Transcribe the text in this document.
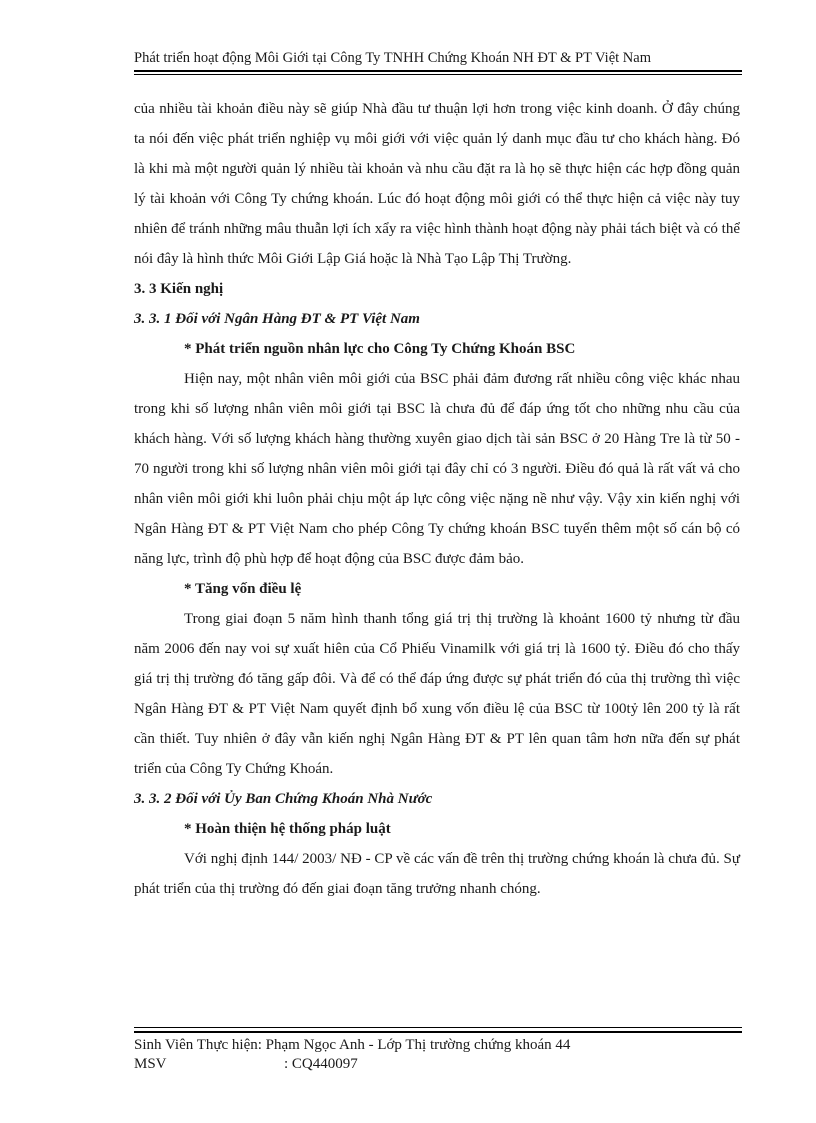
Phát triển hoạt động Môi Giới tại Công Ty TNHH Chứng Khoán NH ĐT & PT Việt Nam

của nhiều tài khoản điều này sẽ giúp Nhà đầu tư thuận lợi hơn trong việc kinh doanh. Ở đây chúng ta nói đến việc phát triển nghiệp vụ môi giới với việc quản lý danh mục đầu tư cho khách hàng. Đó là khi mà một người quản lý nhiều tài khoản và nhu cầu đặt ra là họ sẽ thực hiện các hợp đồng quản lý tài khoản với Công Ty chứng khoán. Lúc đó hoạt động môi giới có thể thực hiện cả việc này tuy nhiên để tránh những mâu thuẫn lợi ích xẩy ra việc hình thành hoạt động này phải tách biệt và có thể nói đây là hình thức Môi Giới Lập Giá hoặc là Nhà Tạo Lập Thị Trường.

3. 3 Kiến nghị

3. 3. 1 Đối với Ngân Hàng ĐT & PT Việt Nam

* Phát triển nguồn nhân lực cho Công Ty Chứng Khoán BSC

Hiện nay, một nhân viên môi giới của BSC phải đảm đương rất nhiều công việc khác nhau trong khi số lượng nhân viên môi giới tại BSC là chưa đủ để đáp ứng tốt cho những nhu cầu của khách hàng. Với số lượng khách hàng thường xuyên giao dịch tài sản BSC ở 20 Hàng Tre là từ 50 - 70 người trong khi số lượng nhân viên môi giới tại đây chỉ có 3 người. Điều đó quả là rất vất vả cho nhân viên môi giới khi luôn phải chịu một áp lực công việc nặng nề như vậy. Vậy xin kiến nghị với Ngân Hàng ĐT & PT Việt Nam cho phép Công Ty chứng khoán BSC tuyển thêm một số cán bộ có năng lực, trình độ phù hợp để hoạt động của BSC được đảm bảo.

* Tăng vốn điều lệ

Trong giai đoạn 5 năm hình thanh tổng giá trị thị trường là khoảnt 1600 tỷ nhưng từ đầu năm 2006 đến nay voi sự xuất hiên của Cổ Phiếu Vinamilk với giá trị là 1600 tỷ. Điều đó cho thấy giá trị thị trường đó tăng gấp đôi. Và để có thể đáp ứng được sự phát triển đó của thị trường thì việc Ngân Hàng ĐT & PT Việt Nam quyết định bổ xung vốn điều lệ của BSC từ 100tỷ lên 200 tỷ là rất cần thiết. Tuy nhiên ở đây vẫn kiến nghị Ngân Hàng ĐT & PT lên quan tâm hơn nữa đến sự phát triển của Công Ty Chứng Khoán.

3. 3. 2 Đối với Ủy Ban Chứng Khoán Nhà Nước

* Hoàn thiện hệ thống pháp luật

Với nghị định 144/ 2003/ NĐ - CP về các vấn đề trên thị trường chứng khoán là chưa đủ. Sự phát triển của thị trường đó đến giai đoạn tăng trưởng nhanh chóng.

Sinh Viên Thực hiện: Phạm Ngọc Anh - Lớp Thị trường chứng khoán 44
MSV	: CQ440097
